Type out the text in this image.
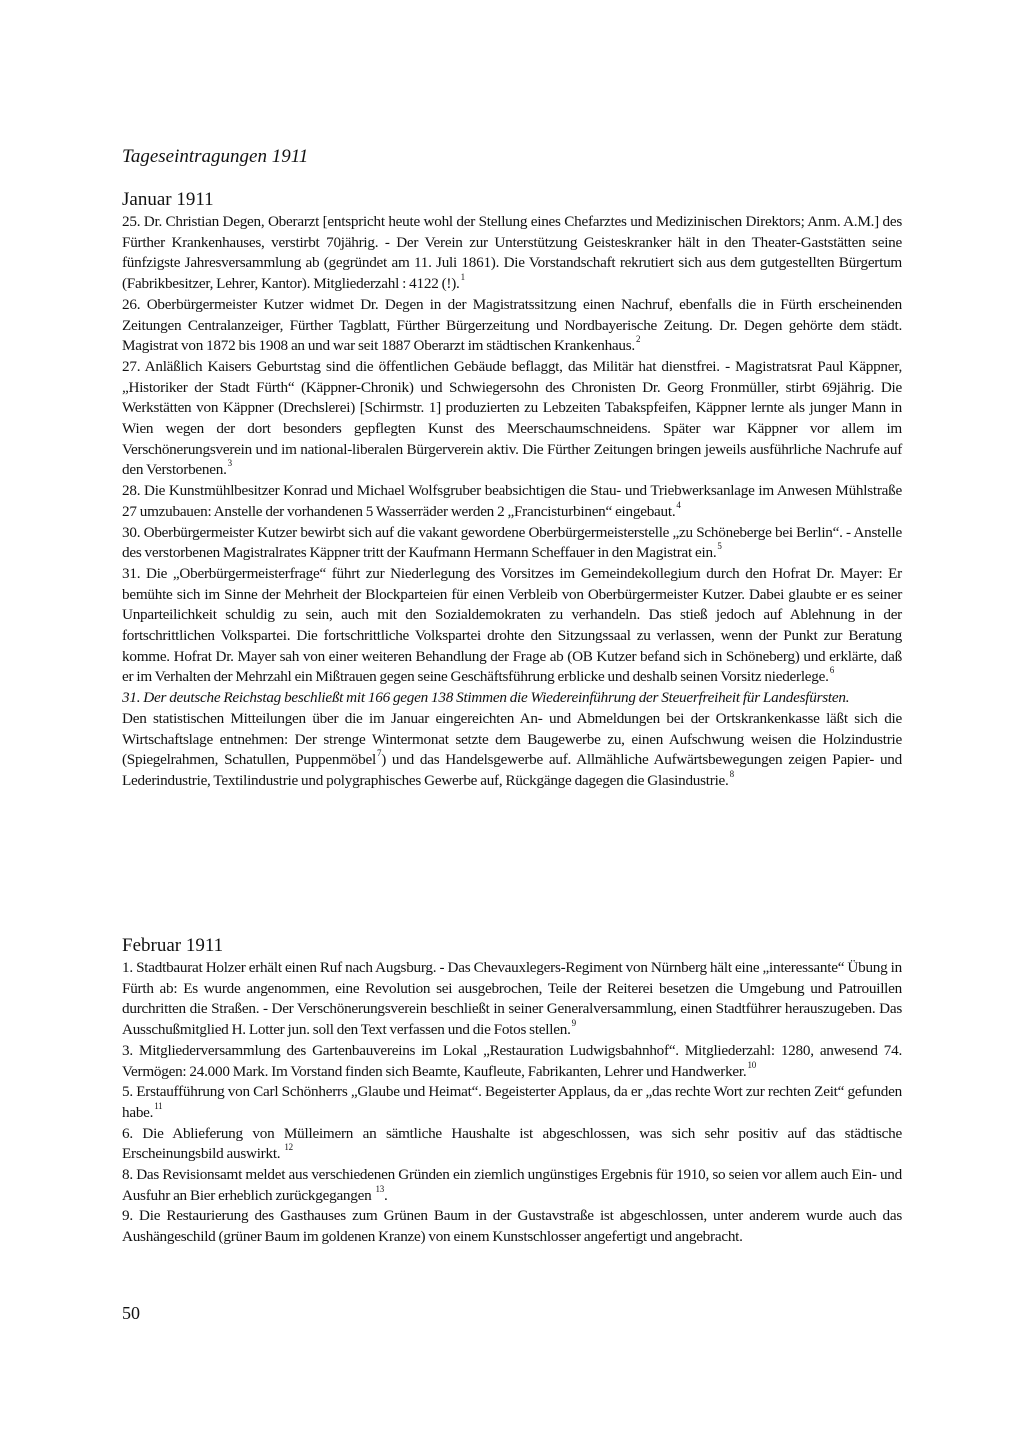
Tageseintragungen 1911
Januar 1911

25. Dr. Christian Degen, Oberarzt [entspricht heute wohl der Stellung eines Chefarztes und Medizinischen Direktors; Anm. A.M.] des Fürther Krankenhauses, verstirbt 70jährig. - Der Verein zur Unterstützung Geisteskranker hält in den Theater-Gaststätten seine fünfzigste Jahresversammlung ab (gegründet am 11. Juli 1861). Die Vorstandschaft rekrutiert sich aus dem gutgestellten Bürgertum (Fabrikbesitzer, Lehrer, Kantor). Mitgliederzahl : 4122 (!).$^1$

26. Oberbürgermeister Kutzer widmet Dr. Degen in der Magistratssitzung einen Nachruf, ebenfalls die in Fürth erscheinenden Zeitungen Centralanzeiger, Fürther Tagblatt, Fürther Bürgerzeitung und Nordbayerische Zeitung. Dr. Degen gehörte dem städt. Magistrat von 1872 bis 1908 an und war seit 1887 Oberarzt im städtischen Krankenhaus.$^2$

27. Anläßlich Kaisers Geburtstag sind die öffentlichen Gebäude beflaggt, das Militär hat dienstfrei. - Magistratsrat Paul Käppner, „Historiker der Stadt Fürth“ (Käppner-Chronik) und Schwiegersohn des Chronisten Dr. Georg Fronmüller, stirbt 69jährig. Die Werkstätten von Käppner (Drechslerei) [Schirmstr. 1] produzierten zu Lebzeiten Tabakspfeifen, Käppner lernte als junger Mann in Wien wegen der dort besonders gepflegten Kunst des Meerschaumschneidens. Später war Käppner vor allem im Verschönerungsverein und im national-liberalen Bürgerverein aktiv. Die Fürther Zeitungen bringen jeweils ausführliche Nachrufe auf den Verstorbenen.$^3$

28. Die Kunstmühlbesitzer Konrad und Michael Wolfsgruber beabsichtigen die Stau- und Triebwerksanlage im Anwesen Mühlstraße 27 umzubauen: Anstelle der vorhandenen 5 Wasserräder werden 2 „Francisturbinen“ eingebaut.$^4$

30. Oberbürgermeister Kutzer bewirbt sich auf die vakant gewordene Oberbürgermeisterstelle „zu Schöneberge bei Berlin“. - Anstelle des verstorbenen Magistralrates Käppner tritt der Kaufmann Hermann Scheffauer in den Magistrat ein.$^5$

31. Die „Oberbürgermeisterfrage“ führt zur Niederlegung des Vorsitzes im Gemeindekollegium durch den Hofrat Dr. Mayer: Er bemühte sich im Sinne der Mehrheit der Blockparteien für einen Verbleib von Oberbürgermeister Kutzer. Dabei glaubte er es seiner Unparteilichkeit schuldig zu sein, auch mit den Sozialdemokraten zu verhandeln. Das stieß jedoch auf Ablehnung in der fortschrittlichen Volkspartei. Die fortschrittliche Volkspartei drohte den Sitzungssaal zu verlassen, wenn der Punkt zur Beratung komme. Hofrat Dr. Mayer sah von einer weiteren Behandlung der Frage ab (OB Kutzer befand sich in Schöneberg) und erklärte, daß er im Verhalten der Mehrzahl ein Mißtrauen gegen seine Geschäftsführung erblicke und deshalb seinen Vorsitz niederlege.$^6$

31. Der deutsche Reichstag beschließt mit 166 gegen 138 Stimmen die Wiedereinführung der Steuerfreiheit für Landesfürsten.

Den statistischen Mitteilungen über die im Januar eingereichten An- und Abmeldungen bei der Ortskrankenkasse läßt sich die Wirtschaftslage entnehmen: Der strenge Wintermonat setzte dem Baugewerbe zu, einen Aufschwung weisen die Holzindustrie (Spiegelrahmen, Schatullen, Puppenmöbel$^7$) und das Handelsgewerbe auf. Allmähliche Aufwärtsbewegungen zeigen Papier- und Lederindustrie, Textilindustrie und polygraphisches Gewerbe auf, Rückgänge dagegen die Glasindustrie.$^8$

Februar 1911

1. Stadtbaurat Holzer erhält einen Ruf nach Augsburg. - Das Chevauxlegers-Regiment von Nürnberg hält eine „interessante“ Übung in Fürth ab: Es wurde angenommen, eine Revolution sei ausgebrochen, Teile der Reiterei besetzen die Umgebung und Patrouillen durchritten die Straßen. - Der Verschönerungsverein beschließt in seiner Generalversammlung, einen Stadtführer herauszugeben. Das Ausschußmitglied H. Lotter jun. soll den Text verfassen und die Fotos stellen.$^9$

3. Mitgliederversammlung des Gartenbauvereins im Lokal „Restauration Ludwigsbahnhof“. Mitgliederzahl: 1280, anwesend 74. Vermögen: 24.000 Mark. Im Vorstand finden sich Beamte, Kaufleute, Fabrikanten, Lehrer und Handwerker.$^{10}$

5. Erstaufführung von Carl Schönherrs „Glaube und Heimat“. Begeisterter Applaus, da er „das rechte Wort zur rechten Zeit“ gefunden habe.$^{11}$

6. Die Ablieferung von Mülleimern an sämtliche Haushalte ist abgeschlossen, was sich sehr positiv auf das städtische Erscheinungsbild auswirkt. $^{12}$

8. Das Revisionsamt meldet aus verschiedenen Gründen ein ziemlich ungünstiges Ergebnis für 1910, so seien vor allem auch Ein- und Ausfuhr an Bier erheblich zurückgegangen $^{13}$.

9. Die Restaurierung des Gasthauses zum Grünen Baum in der Gustavstraße ist abgeschlossen, unter anderem wurde auch das Aushängeschild (grüner Baum im goldenen Kranze) von einem Kunstschlosser angefertigt und angebracht.

50
